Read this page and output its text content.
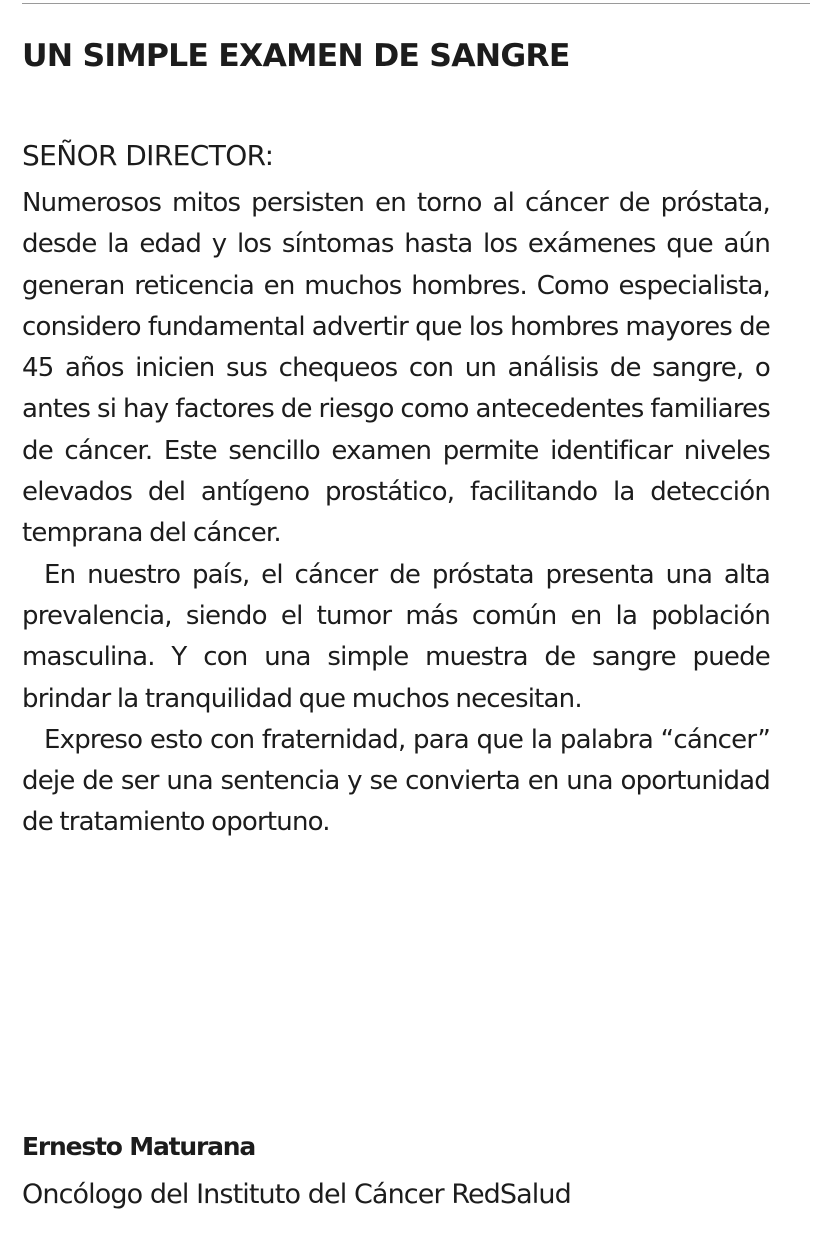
UN SIMPLE EXAMEN DE SANGRE

SEÑOR DIRECTOR:

Numerosos mitos persisten en torno al cáncer de próstata, desde la edad y los síntomas hasta los exámenes que aún generan reticencia en muchos hombres. Como especialista, considero fundamental advertir que los hombres mayores de 45 años inicien sus chequeos con un análisis de sangre, o antes si hay factores de riesgo como antecedentes familiares de cáncer. Este sencillo examen permite identificar niveles elevados del antígeno prostático, facilitando la detección temprana del cáncer.

En nuestro país, el cáncer de próstata presenta una alta prevalencia, siendo el tumor más común en la población masculina. Y con una simple muestra de sangre puede brindar la tranquilidad que muchos necesitan.

Expreso esto con fraternidad, para que la palabra “cáncer” deje de ser una sentencia y se convierta en una oportunidad de tratamiento oportuno.

Ernesto Maturana

Oncólogo del Instituto del Cáncer RedSalud
